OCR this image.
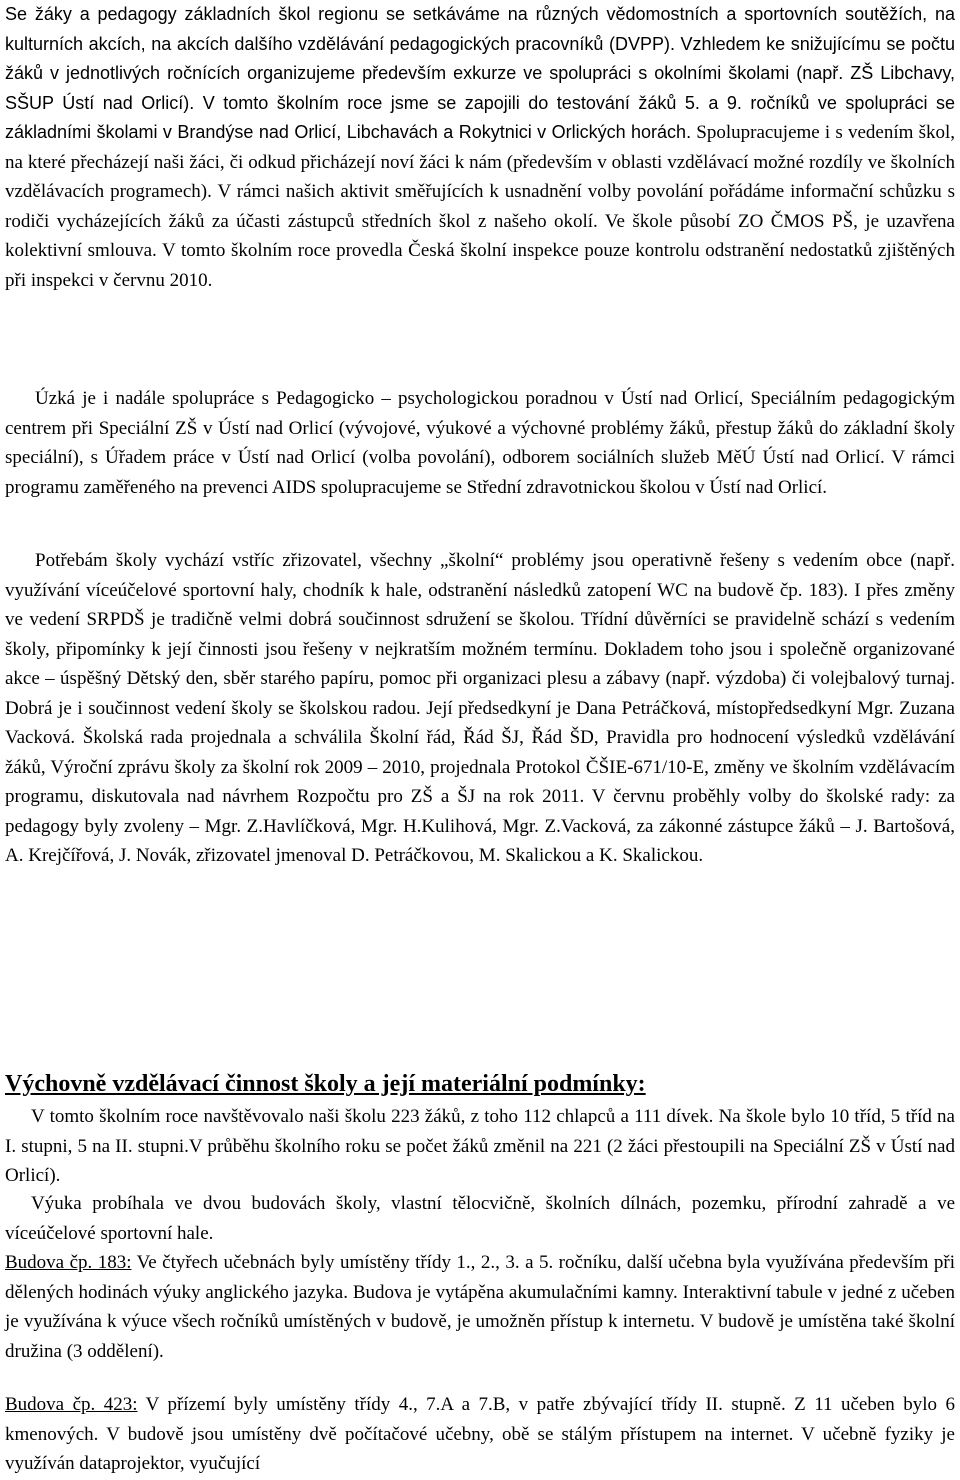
Se žáky a pedagogy základních škol regionu se setkáváme na různých vědomostních a sportovních soutěžích, na kulturních akcích, na akcích dalšího vzdělávání pedagogických pracovníků (DVPP). Vzhledem ke snižujícímu se počtu žáků v jednotlivých ročnících organizujeme především exkurze ve spolupráci s okolními školami (např. ZŠ Libchavy, SŠUP Ústí nad Orlicí). V tomto školním roce jsme se zapojili do testování žáků 5. a 9. ročníků ve spolupráci se základními školami v Brandýse nad Orlicí, Libchavách a Rokytnici v Orlických horách. Spolupracujeme i s vedením škol, na které přecházejí naši žáci, či odkud přicházejí noví žáci k nám (především v oblasti vzdělávací možné rozdíly ve školních vzdělávacích programech). V rámci našich aktivit směřujících k usnadnění volby povolání pořádáme informační schůzku s rodiči vycházejících žáků za účasti zástupců středních škol z našeho okolí. Ve škole působí ZO ČMOS PŠ, je uzavřena kolektivní smlouva. V tomto školním roce provedla Česká školní inspekce pouze kontrolu odstranění nedostatků zjištěných při inspekci v červnu 2010.

Úzká je i nadále spolupráce s Pedagogicko – psychologickou poradnou v Ústí nad Orlicí, Speciálním pedagogickým centrem při Speciální ZŠ v Ústí nad Orlicí (vývojové, výukové a výchovné problémy žáků, přestup žáků do základní školy speciální), s Úřadem práce v Ústí nad Orlicí (volba povolání), odborem sociálních služeb MěÚ Ústí nad Orlicí. V rámci programu zaměřeného na prevenci AIDS spolupracujeme se Střední zdravotnickou školou v Ústí nad Orlicí.

Potřebám školy vychází vstříc zřizovatel, všechny „školní“ problémy jsou operativně řešeny s vedením obce (např. využívání víceúčelové sportovní haly, chodník k hale, odstranění následků zatopení WC na budově čp. 183). I přes změny ve vedení SRPDŠ je tradičně velmi dobrá součinnost sdružení se školou. Třídní důvěrníci se pravidelně schází s vedením školy, připomínky k její činnosti jsou řešeny v nejkratším možném termínu. Dokladem toho jsou i společně organizované akce – úspěšný Dětský den, sběr starého papíru, pomoc při organizaci plesu a zábavy (např. výzdoba) či volejbalový turnaj. Dobrá je i součinnost vedení školy se školskou radou. Její předsedkyní je Dana Petráčková, místopředsedkyní Mgr. Zuzana Vacková. Školská rada projednala a schválila Školní řád, Řád ŠJ, Řád ŠD, Pravidla pro hodnocení výsledků vzdělávání žáků, Výroční zprávu školy za školní rok 2009 – 2010, projednala Protokol ČŠIE-671/10-E, změny ve školním vzdělávacím programu, diskutovala nad návrhem Rozpočtu pro ZŠ a ŠJ na rok 2011. V červnu proběhly volby do školské rady: za pedagogy byly zvoleny – Mgr. Z.Havlíčková, Mgr. H.Kulihová, Mgr. Z.Vacková, za zákonné zástupce žáků – J. Bartošová, A. Krejčířová, J. Novák, zřizovatel jmenoval D. Petráčkovou, M. Skalickou a K. Skalickou.

Výchovně vzdělávací činnost školy a její materiální podmínky:

V tomto školním roce navštěvovalo naši školu 223 žáků, z toho 112 chlapců a 111 dívek. Na škole bylo 10 tříd, 5 tříd na I. stupni, 5 na II. stupni.V průběhu školního roku se počet žáků změnil na 221 (2 žáci přestoupili na Speciální ZŠ v Ústí nad Orlicí).

Výuka probíhala ve dvou budovách školy, vlastní tělocvičně, školních dílnách, pozemku, přírodní zahradě a ve víceúčelové sportovní hale.

Budova čp. 183: Ve čtyřech učebnách byly umístěny třídy 1., 2., 3. a 5. ročníku, další učebna byla využívána především při dělených hodinách výuky anglického jazyka. Budova je vytápěna akumulačními kamny. Interaktivní tabule v jedné z učeben je využívána k výuce všech ročníků umístěných v budově, je umožněn přístup k internetu. V budově je umístěna také školní družina (3 oddělení).

Budova čp. 423: V přízemí byly umístěny třídy 4., 7.A a 7.B, v patře zbývající třídy II. stupně. Z 11 učeben bylo 6 kmenových. V budově jsou umístěny dvě počítačové učebny, obě se stálým přístupem na internet. V učebně fyziky je využíván dataprojektor, vyučující
